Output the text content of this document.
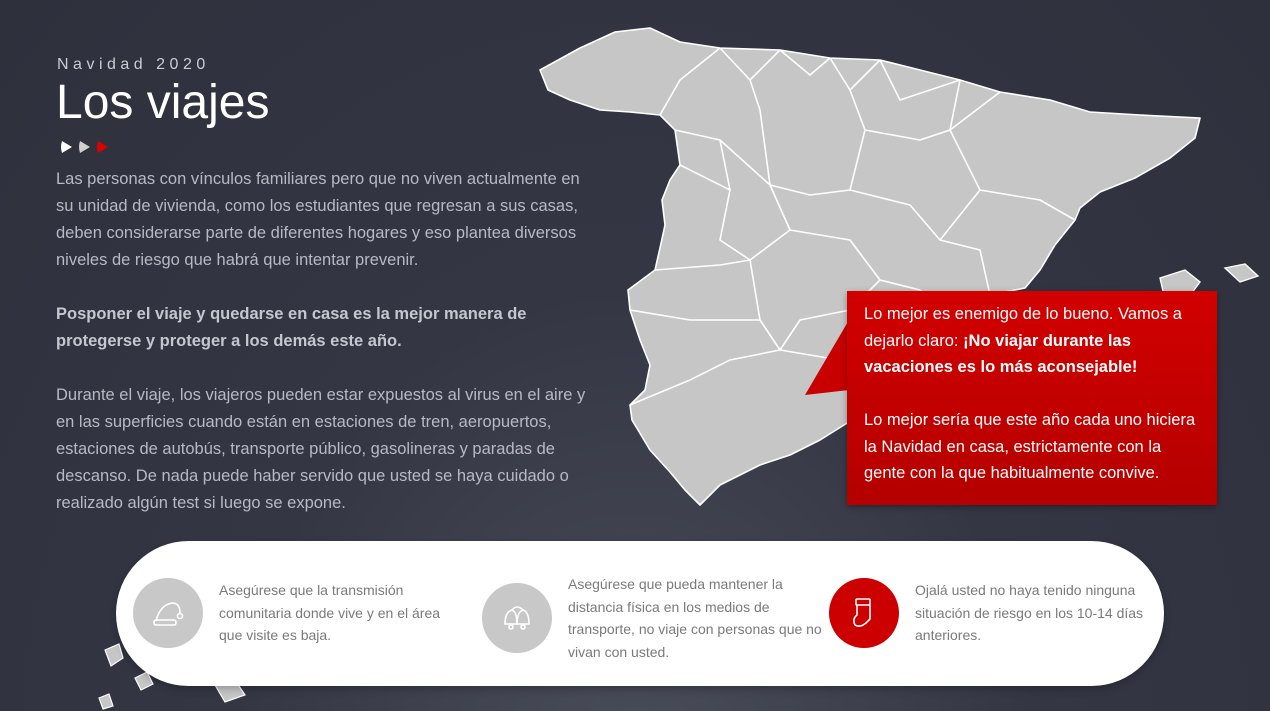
Navidad 2020
Los viajes

Las personas con vínculos familiares pero que no viven actualmente en su unidad de vivienda, como los estudiantes que regresan a sus casas, deben considerarse parte de diferentes hogares y eso plantea diversos niveles de riesgo que habrá que intentar prevenir.

Posponer el viaje y quedarse en casa es la mejor manera de protegerse y proteger a los demás este año.

Durante el viaje, los viajeros pueden estar expuestos al virus en el aire y en las superficies cuando están en estaciones de tren, aeropuertos, estaciones de autobús, transporte público, gasolineras y paradas de descanso. De nada puede haber servido que usted se haya cuidado o realizado algún test si luego se expone.

Lo mejor es enemigo de lo bueno. Vamos a dejarlo claro: ¡No viajar durante las vacaciones es lo más aconsejable!

Lo mejor sería que este año cada uno hiciera la Navidad en casa, estrictamente con la gente con la que habitualmente convive.

Asegúrese que la transmisión comunitaria donde vive y en el área que visite es baja.
Asegúrese que pueda mantener la distancia física en los medios de transporte, no viaje con personas que no vivan con usted.
Ojalá usted no haya tenido ninguna situación de riesgo en los 10-14 días anteriores.
